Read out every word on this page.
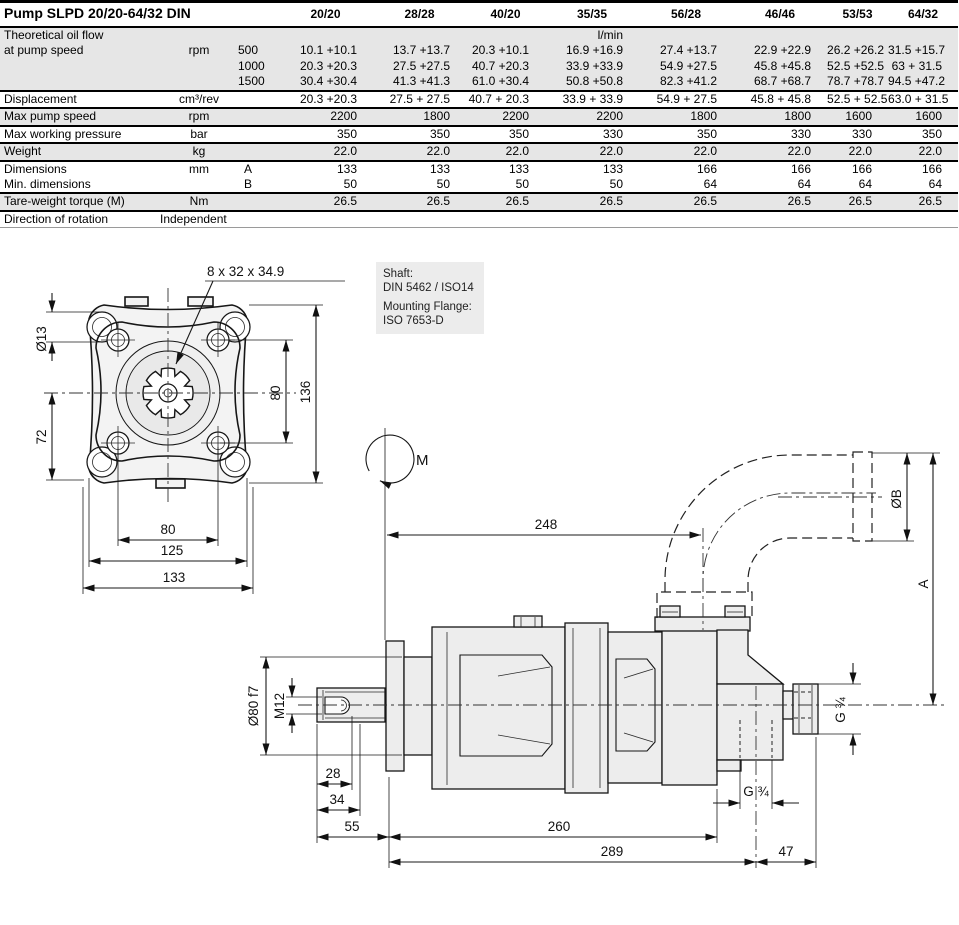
Pump SLPD 20/20-64/32 DIN			20/20	28/28	40/20	35/35	56/28	46/46	53/53	64/32
Theoretical oil flow						l/min				
at pump speed	rpm	500	10.1 +10.1	13.7 +13.7	20.3 +10.1	16.9 +16.9	27.4 +13.7	22.9 +22.9	26.2 +26.2	31.5 +15.7
		1000	20.3 +20.3	27.5 +27.5	40.7 +20.3	33.9 +33.9	54.9 +27.5	45.8 +45.8	52.5 +52.5	63 + 31.5
		1500	30.4 +30.4	41.3 +41.3	61.0 +30.4	50.8 +50.8	82.3 +41.2	68.7 +68.7	78.7 +78.7	94.5 +47.2
Displacement	cm³/rev		20.3 +20.3	27.5 + 27.5	40.7 + 20.3	33.9 + 33.9	54.9 + 27.5	45.8 + 45.8	52.5 + 52.5	63.0 + 31.5
Max pump speed	rpm		2200	1800	2200	2200	1800	1800	1600	1600
Max working pressure	bar		350	350	350	330	350	330	330	350
Weight	kg		22.0	22.0	22.0	22.0	22.0	22.0	22.0	22.0
Dimensions	mm	A	133	133	133	133	166	166	166	166
Min. dimensions		B	50	50	50	50	64	64	64	64
Tare-weight torque (M)	Nm		26.5	26.5	26.5	26.5	26.5	26.5	26.5	26.5
Direction of rotation	Independent									
Shaft:
DIN 5462 / ISO14
Mounting Flange:
ISO 7653-D
8 x 32 x 34.9
Ø13
72
80 136
80
125
133
M
248
ØB
A
G ¾
G ¾
Ø80 f7 M12
28
34
55	260
289	47
